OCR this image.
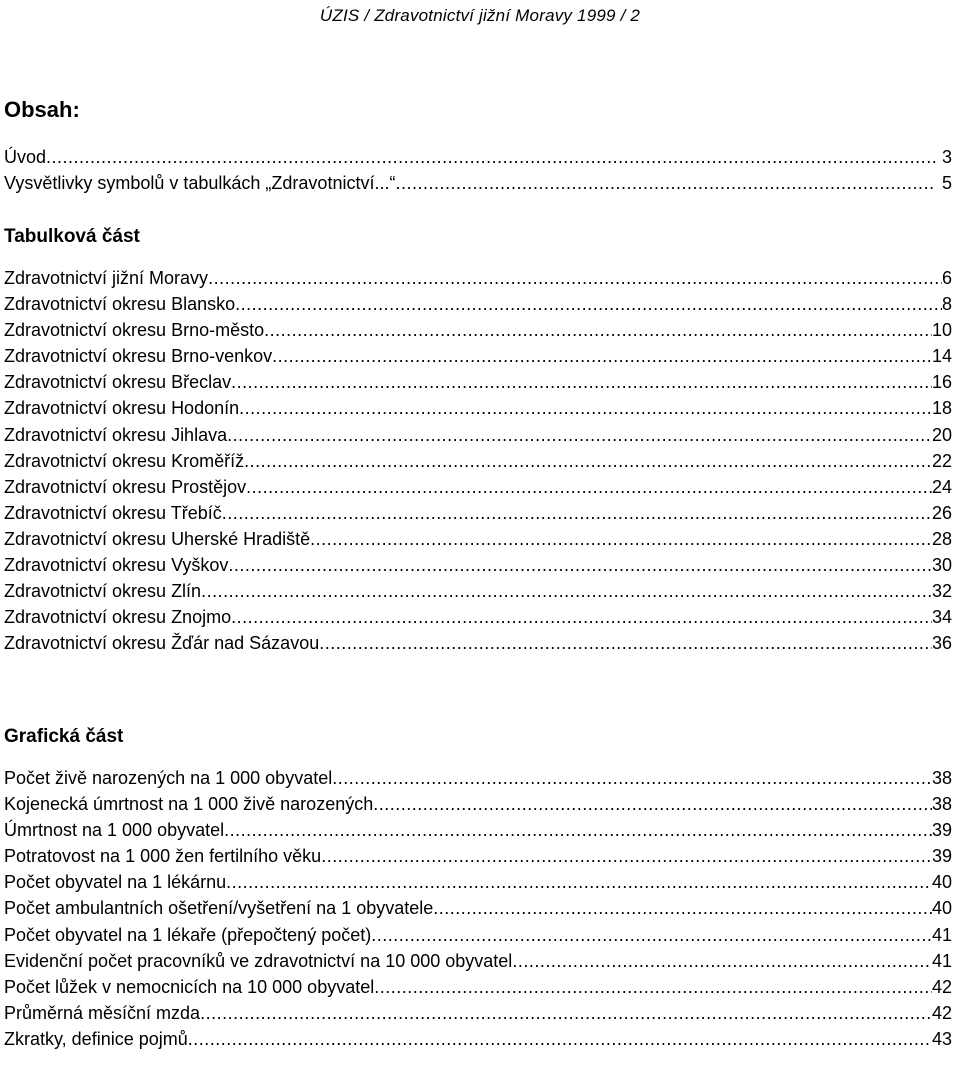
ÚZIS / Zdravotnictví jižní Moravy 1999 / 2
Obsah:
Úvod .....	3
Vysvětlivky symbolů v tabulkách „Zdravotnictví...“ .....	5
Tabulková část
Zdravotnictví jižní Moravy .....	6
Zdravotnictví okresu Blansko .....	8
Zdravotnictví okresu Brno-město .....	10
Zdravotnictví okresu Brno-venkov .....	14
Zdravotnictví okresu Břeclav .....	16
Zdravotnictví okresu Hodonín .....	18
Zdravotnictví okresu Jihlava .....	20
Zdravotnictví okresu Kroměříž .....	22
Zdravotnictví okresu Prostějov .....	24
Zdravotnictví okresu Třebíč .....	26
Zdravotnictví okresu Uherské Hradiště .....	28
Zdravotnictví okresu Vyškov .....	30
Zdravotnictví okresu Zlín .....	32
Zdravotnictví okresu Znojmo .....	34
Zdravotnictví okresu Žďár nad Sázavou .....	36
Grafická část
Počet živě narozených na 1 000 obyvatel .....	38
Kojenecká úmrtnost na 1 000 živě narozených .....	38
Úmrtnost na 1 000 obyvatel .....	39
Potratovost na 1 000 žen fertilního věku .....	39
Počet obyvatel na 1 lékárnu .....	40
Počet ambulantních ošetření/vyšetření na 1 obyvatele .....	40
Počet obyvatel na 1 lékaře (přepočtený počet) .....	41
Evidenční počet pracovníků ve zdravotnictví na 10 000 obyvatel .....	41
Počet lůžek v nemocnicích na 10 000 obyvatel .....	42
Průměrná měsíční mzda .....	42
Zkratky, definice pojmů .....	43
